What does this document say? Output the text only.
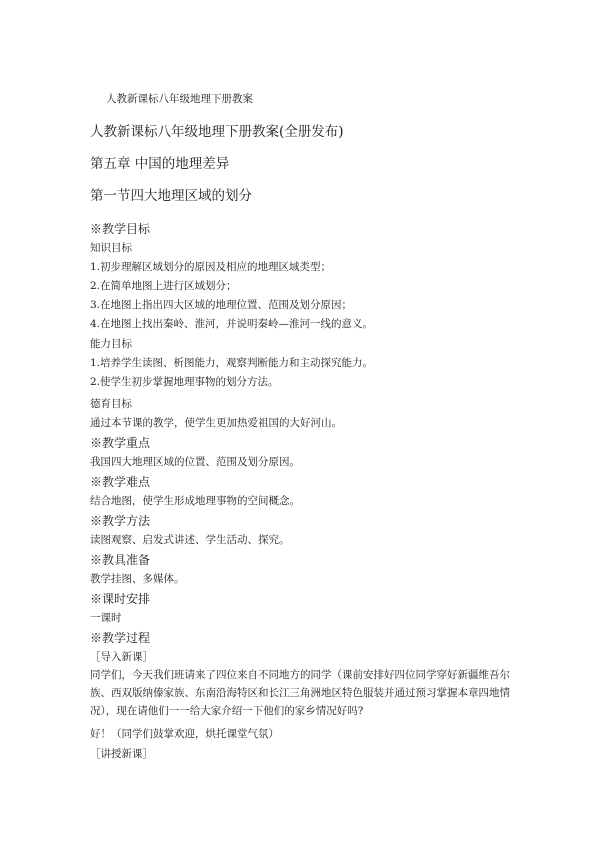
人教新课标八年级地理下册教案
人教新课标八年级地理下册教案(全册发布)
第五章 中国的地理差异
第一节四大地理区域的划分
※教学目标
知识目标
1.初步理解区域划分的原因及相应的地理区域类型；
2.在简单地图上进行区域划分；
3.在地图上指出四大区域的地理位置、范围及划分原因；
4.在地图上找出秦岭、淮河，并说明秦岭—淮河一线的意义。
能力目标
1.培养学生读图、析图能力，观察判断能力和主动探究能力。
2.使学生初步掌握地理事物的划分方法。
德育目标
通过本节课的教学，使学生更加热爱祖国的大好河山。
※教学重点
我国四大地理区域的位置、范围及划分原因。
※教学难点
结合地图，使学生形成地理事物的空间概念。
※教学方法
读图观察、启发式讲述、学生活动、探究。
※教具准备
教学挂图、多媒体。
※课时安排
一课时
※教学过程
［导入新课］
同学们，今天我们班请来了四位来自不同地方的同学（课前安排好四位同学穿好新疆维吾尔族、西双版纳傣家族、东南沿海特区和长江三角洲地区特色服装并通过预习掌握本章四地情况），现在请他们一一给大家介绍一下他们的家乡情况好吗?
好！（同学们鼓掌欢迎，烘托课堂气氛）
［讲授新课］
